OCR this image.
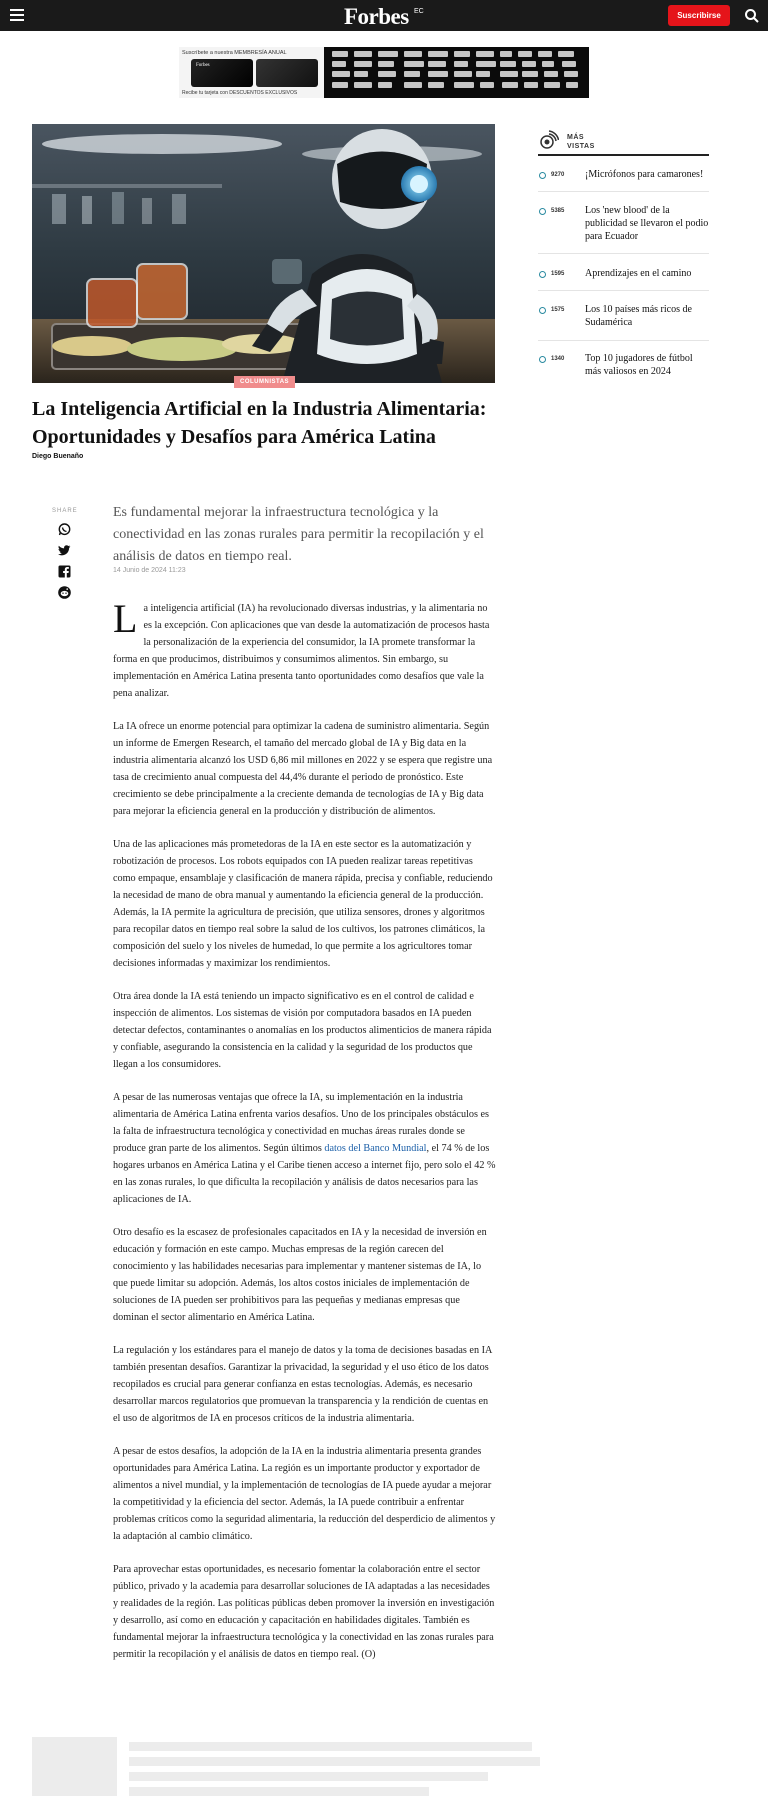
Forbes EC	Suscribirse
Suscríbete a nuestra MEMBRESÍA ANUAL
Forbes
Recibe tu tarjeta con DESCUENTOS EXCLUSIVOS
COLUMNISTAS
La Inteligencia Artificial en la Industria Alimentaria: Oportunidades y Desafíos para América Latina
Diego Buenaño
MÁS
VISTAS
9270 ¡Micrófonos para camarones!
5385 Los 'new blood' de la publicidad se llevaron el podio para Ecuador
1595 Aprendizajes en el camino
1575 Los 10 países más ricos de Sudamérica
1340 Top 10 jugadores de fútbol más valiosos en 2024
SHARE	Es fundamental mejorar la infraestructura tecnológica y la conectividad en las zonas rurales para permitir la recopilación y el análisis de datos en tiempo real.
14 Junio de 2024 11:23

La inteligencia artificial (IA) ha revolucionado diversas industrias, y la alimentaria no es la excepción. Con aplicaciones que van desde la automatización de procesos hasta la personalización de la experiencia del consumidor, la IA promete transformar la forma en que producimos, distribuimos y consumimos alimentos. Sin embargo, su implementación en América Latina presenta tanto oportunidades como desafíos que vale la pena analizar.

La IA ofrece un enorme potencial para optimizar la cadena de suministro alimentaria. Según un informe de Emergen Research, el tamaño del mercado global de IA y Big data en la industria alimentaria alcanzó los USD 6,86 mil millones en 2022 y se espera que registre una tasa de crecimiento anual compuesta del 44,4% durante el periodo de pronóstico. Este crecimiento se debe principalmente a la creciente demanda de tecnologías de IA y Big data para mejorar la eficiencia general en la producción y distribución de alimentos.

Una de las aplicaciones más prometedoras de la IA en este sector es la automatización y robotización de procesos. Los robots equipados con IA pueden realizar tareas repetitivas como empaque, ensamblaje y clasificación de manera rápida, precisa y confiable, reduciendo la necesidad de mano de obra manual y aumentando la eficiencia general de la producción. Además, la IA permite la agricultura de precisión, que utiliza sensores, drones y algoritmos para recopilar datos en tiempo real sobre la salud de los cultivos, los patrones climáticos, la composición del suelo y los niveles de humedad, lo que permite a los agricultores tomar decisiones informadas y maximizar los rendimientos.

Otra área donde la IA está teniendo un impacto significativo es en el control de calidad e inspección de alimentos. Los sistemas de visión por computadora basados en IA pueden detectar defectos, contaminantes o anomalías en los productos alimenticios de manera rápida y confiable, asegurando la consistencia en la calidad y la seguridad de los productos que llegan a los consumidores.

A pesar de las numerosas ventajas que ofrece la IA, su implementación en la industria alimentaria de América Latina enfrenta varios desafíos. Uno de los principales obstáculos es la falta de infraestructura tecnológica y conectividad en muchas áreas rurales donde se produce gran parte de los alimentos. Según últimos datos del Banco Mundial, el 74 % de los hogares urbanos en América Latina y el Caribe tienen acceso a internet fijo, pero solo el 42 % en las zonas rurales, lo que dificulta la recopilación y análisis de datos necesarios para las aplicaciones de IA.

Otro desafío es la escasez de profesionales capacitados en IA y la necesidad de inversión en educación y formación en este campo. Muchas empresas de la región carecen del conocimiento y las habilidades necesarias para implementar y mantener sistemas de IA, lo que puede limitar su adopción. Además, los altos costos iniciales de implementación de soluciones de IA pueden ser prohibitivos para las pequeñas y medianas empresas que dominan el sector alimentario en América Latina.

La regulación y los estándares para el manejo de datos y la toma de decisiones basadas en IA también presentan desafíos. Garantizar la privacidad, la seguridad y el uso ético de los datos recopilados es crucial para generar confianza en estas tecnologías. Además, es necesario desarrollar marcos regulatorios que promuevan la transparencia y la rendición de cuentas en el uso de algoritmos de IA en procesos críticos de la industria alimentaria.

A pesar de estos desafíos, la adopción de la IA en la industria alimentaria presenta grandes oportunidades para América Latina. La región es un importante productor y exportador de alimentos a nivel mundial, y la implementación de tecnologías de IA puede ayudar a mejorar la competitividad y la eficiencia del sector. Además, la IA puede contribuir a enfrentar problemas críticos como la seguridad alimentaria, la reducción del desperdicio de alimentos y la adaptación al cambio climático.

Para aprovechar estas oportunidades, es necesario fomentar la colaboración entre el sector público, privado y la academia para desarrollar soluciones de IA adaptadas a las necesidades y realidades de la región. Las políticas públicas deben promover la inversión en investigación y desarrollo, así como en educación y capacitación en habilidades digitales. También es fundamental mejorar la infraestructura tecnológica y la conectividad en las zonas rurales para permitir la recopilación y el análisis de datos en tiempo real. (O)
